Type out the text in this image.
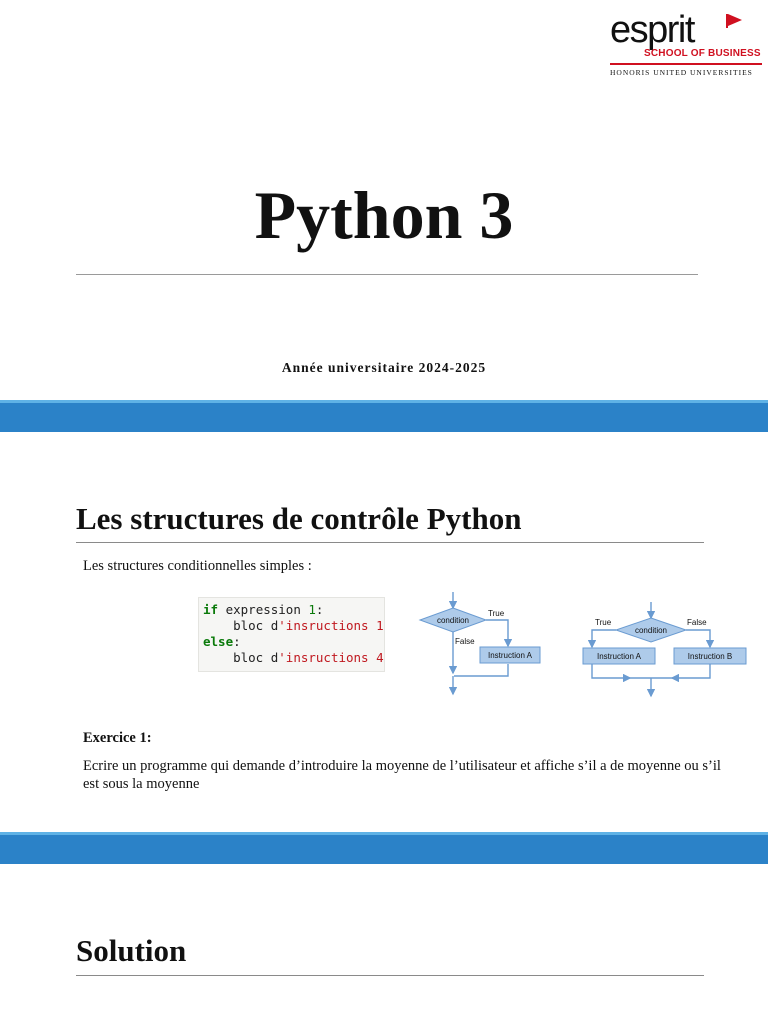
esprit
SCHOOL OF BUSINESS
HONORIS UNITED UNIVERSITIES
Python 3
Année universitaire 2024-2025
Les structures de contrôle Python
Les structures conditionnelles simples :
if expression 1:
bloc d'insructions 1
else:
bloc d'insructions 4
condition
True
False
Instruction A
condition
True	False
Instruction A	Instruction B
Exercice 1:
Ecrire un programme qui demande d’introduire la moyenne de l’utilisateur et affiche s’il a de moyenne ou s’il est sous la moyenne
Solution
